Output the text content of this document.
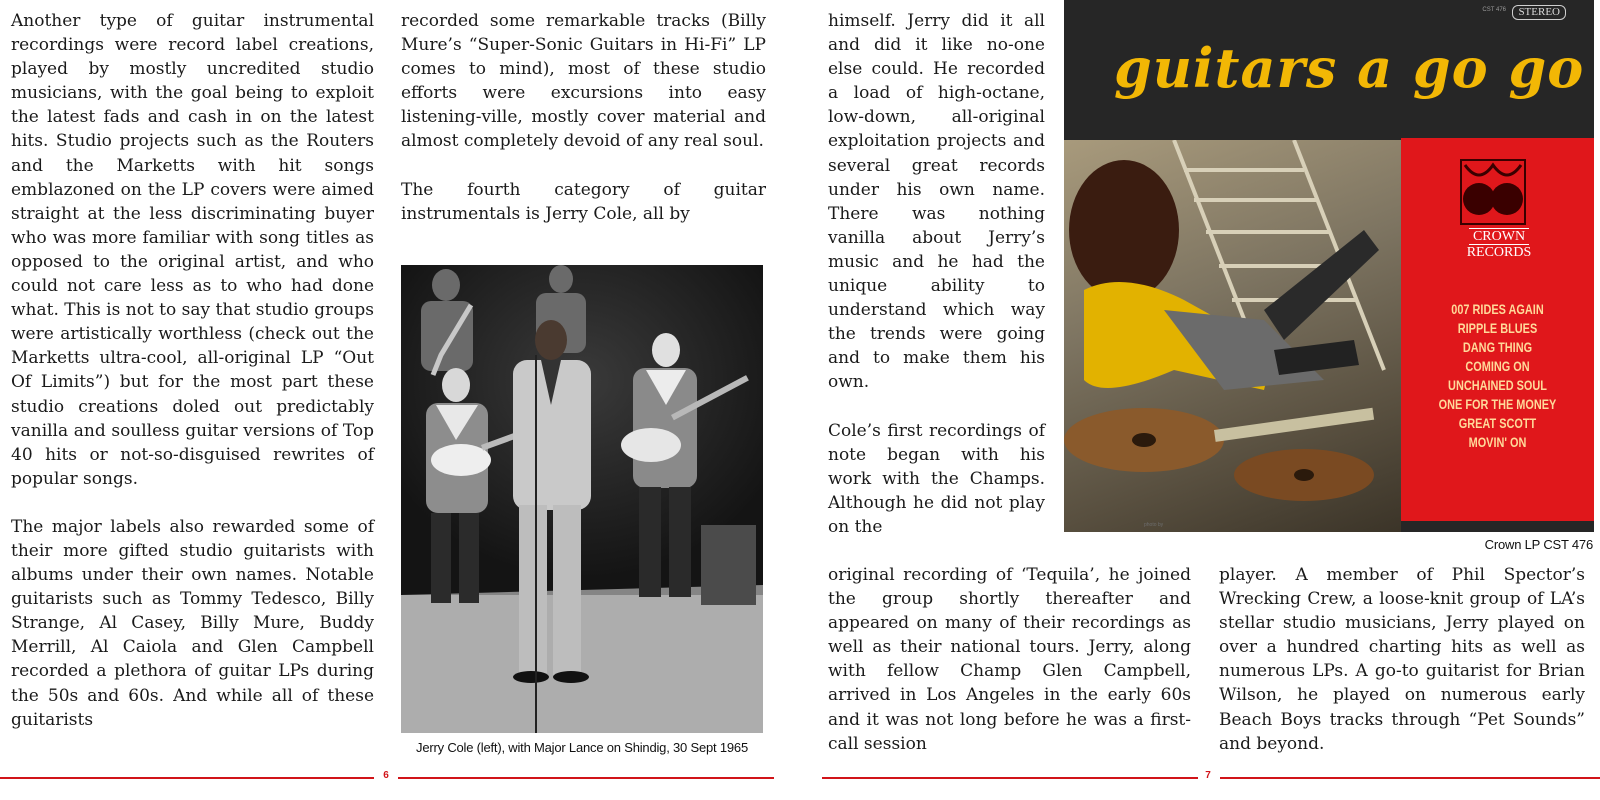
Another type of guitar instrumental recordings were record label creations, played by mostly uncredited studio musicians, with the goal being to exploit the latest fads and cash in on the latest hits. Studio projects such as the Routers and the Marketts with hit songs emblazoned on the LP covers were aimed straight at the less discriminating buyer who was more familiar with song titles as opposed to the original artist, and who could not care less as to who had done what. This is not to say that studio groups were artistically worthless (check out the Marketts ultra-cool, all-original LP “Out Of Limits”) but for the most part these studio creations doled out predictably vanilla and soulless guitar versions of Top 40 hits or not-so-disguised rewrites of popular songs.

The major labels also rewarded some of their more gifted studio guitarists with albums under their own names. Notable guitarists such as Tommy Tedesco, Billy Strange, Al Casey, Billy Mure, Buddy Merrill, Al Caiola and Glen Campbell recorded a plethora of guitar LPs during the 50s and 60s. And while all of these guitarists

recorded some remarkable tracks (Billy Mure’s “Super-Sonic Guitars in Hi-Fi” LP comes to mind), most of these studio efforts were excursions into easy listening-ville, mostly cover material and almost completely devoid of any real soul.

The fourth category of guitar instrumentals is Jerry Cole, all by

Jerry Cole (left), with Major Lance on Shindig, 30 Sept 1965

himself. Jerry did it all and did it like no-one else could. He recorded a load of high-octane, low-down, all-original exploitation projects and several great records under his own name. There was nothing vanilla about Jerry’s music and he had the unique ability to understand which way the trends were going and to make them his own.

Cole’s first recordings of note began with his work with the Champs. Although he did not play on the

CST 476	STEREO
guitars a go go
CROWN
RECORDS
007 RIDES AGAIN
RIPPLE BLUES
DANG THING
COMING ON
UNCHAINED SOUL
ONE FOR THE MONEY
GREAT SCOTT
MOVIN' ON
photo by
Crown LP CST 476

original recording of ‘Tequila’, he joined the group shortly thereafter and appeared on many of their recordings as well as their national tours. Jerry, along with fellow Champ Glen Campbell, arrived in Los Angeles in the early 60s and it was not long before he was a first-call session

player. A member of Phil Spector’s Wrecking Crew, a loose-knit group of LA’s stellar studio musicians, Jerry played on over a hundred charting hits as well as numerous LPs. A go-to guitarist for Brian Wilson, he played on numerous early Beach Boys tracks through “Pet Sounds” and beyond.

6	7
